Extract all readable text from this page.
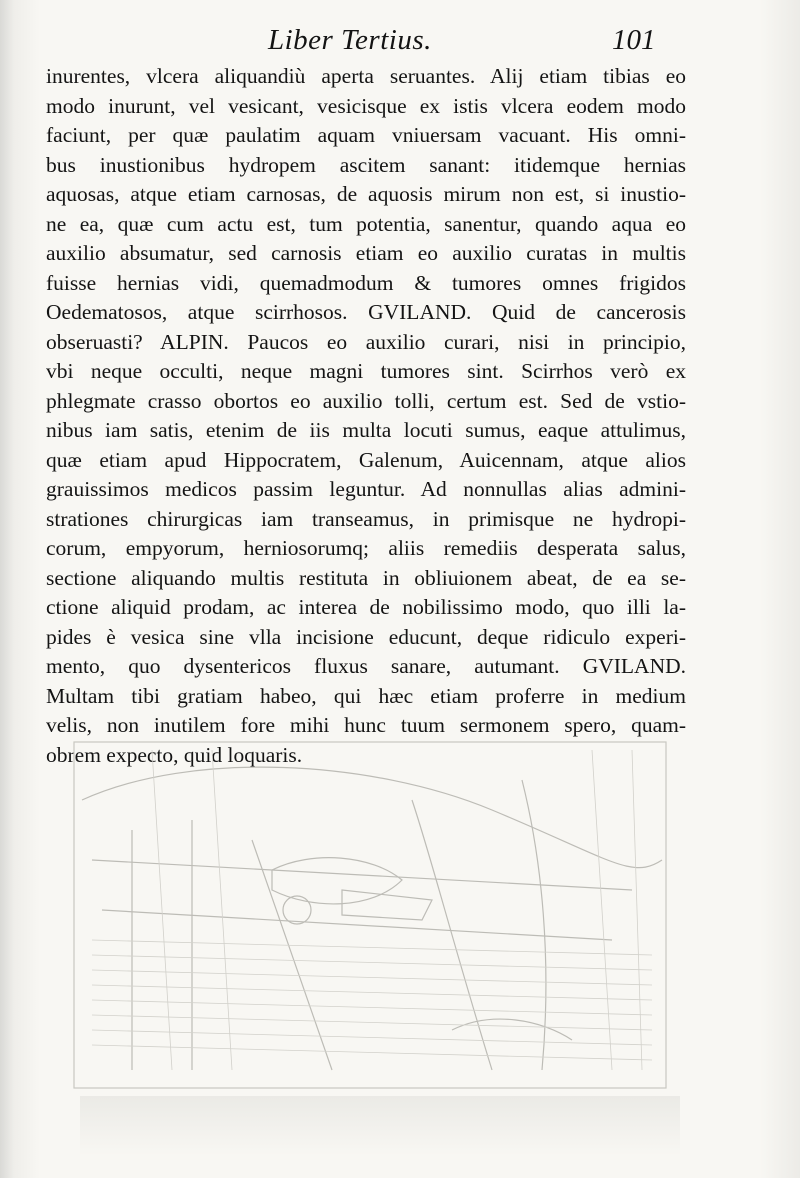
Liber Tertius.	101
inurentes, vlcera aliquandiù aperta seruantes. Alij etiam tibias eo
modo inurunt, vel vesicant, vesicisque ex istis vlcera eodem modo
faciunt, per quæ paulatim aquam vniuersam vacuant. His omni-
bus inustionibus hydropem ascitem sanant: itidemque hernias
aquosas, atque etiam carnosas, de aquosis mirum non est, si inustio-
ne ea, quæ cum actu est, tum potentia, sanentur, quando aqua eo
auxilio absumatur, sed carnosis etiam eo auxilio curatas in multis
fuisse hernias vidi, quemadmodum & tumores omnes frigidos
Oedematosos, atque scirrhosos. GVILAND. Quid de cancerosis
obseruasti? ALPIN. Paucos eo auxilio curari, nisi in principio,
vbi neque occulti, neque magni tumores sint. Scirrhos verò ex
phlegmate crasso obortos eo auxilio tolli, certum est. Sed de vstio-
nibus iam satis, etenim de iis multa locuti sumus, eaque attulimus,
quæ etiam apud Hippocratem, Galenum, Auicennam, atque alios
grauissimos medicos passim leguntur. Ad nonnullas alias admini-
strationes chirurgicas iam transeamus, in primisque ne hydropi-
corum, empyorum, herniosorumq; aliis remediis desperata salus,
sectione aliquando multis restituta in obliuionem abeat, de ea se-
ctione aliquid prodam, ac interea de nobilissimo modo, quo illi la-
pides è vesica sine vlla incisione educunt, deque ridiculo experi-
mento, quo dysentericos fluxus sanare, autumant. GVILAND.
Multam tibi gratiam habeo, qui hæc etiam proferre in medium
velis, non inutilem fore mihi hunc tuum sermonem spero, quam-
obrem expecto, quid loquaris.
